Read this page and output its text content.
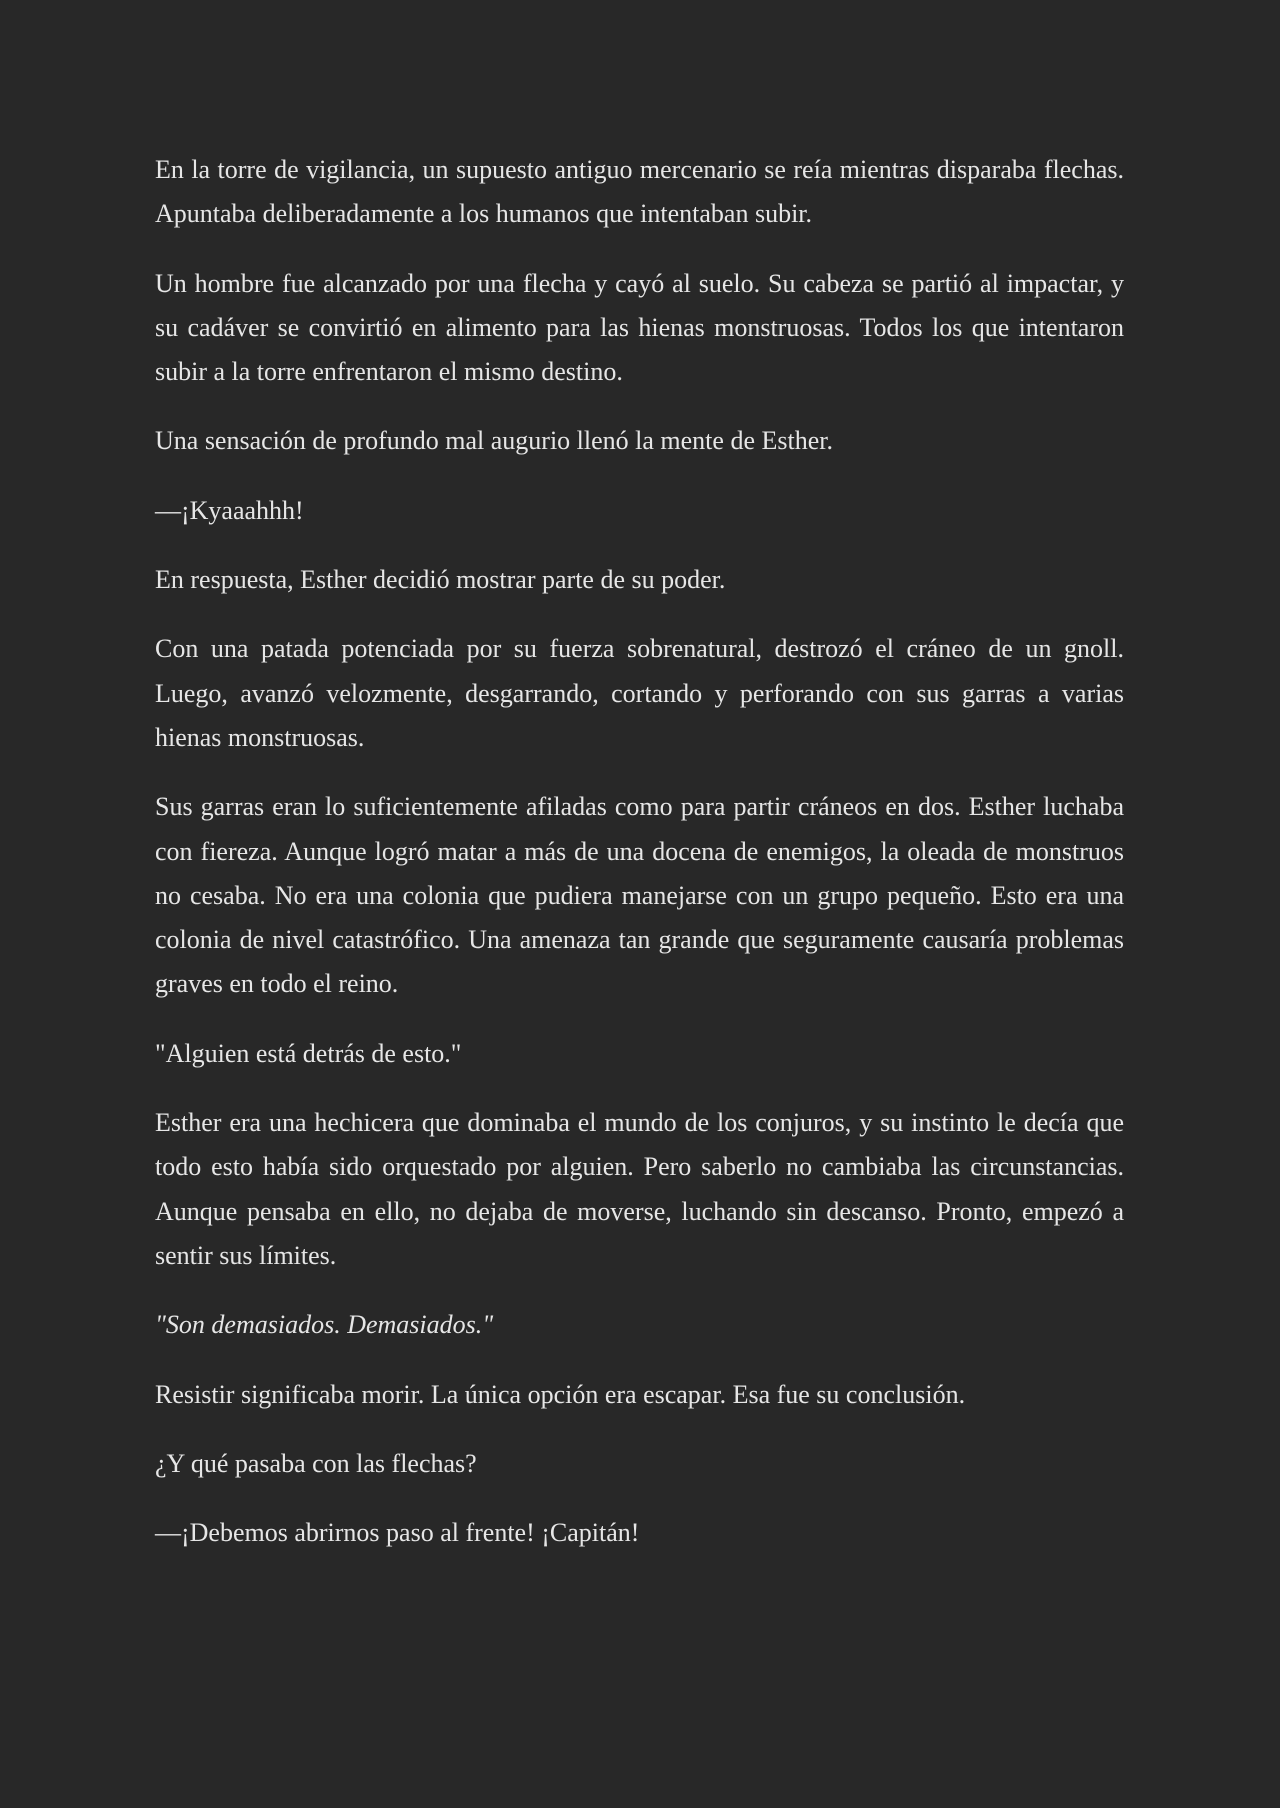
En la torre de vigilancia, un supuesto antiguo mercenario se reía mientras disparaba flechas. Apuntaba deliberadamente a los humanos que intentaban subir.

Un hombre fue alcanzado por una flecha y cayó al suelo. Su cabeza se partió al impactar, y su cadáver se convirtió en alimento para las hienas monstruosas. Todos los que intentaron subir a la torre enfrentaron el mismo destino.

Una sensación de profundo mal augurio llenó la mente de Esther.

—¡Kyaaahhh!

En respuesta, Esther decidió mostrar parte de su poder.

Con una patada potenciada por su fuerza sobrenatural, destrozó el cráneo de un gnoll. Luego, avanzó velozmente, desgarrando, cortando y perforando con sus garras a varias hienas monstruosas.

Sus garras eran lo suficientemente afiladas como para partir cráneos en dos. Esther luchaba con fiereza. Aunque logró matar a más de una docena de enemigos, la oleada de monstruos no cesaba. No era una colonia que pudiera manejarse con un grupo pequeño. Esto era una colonia de nivel catastrófico. Una amenaza tan grande que seguramente causaría problemas graves en todo el reino.

"Alguien está detrás de esto."

Esther era una hechicera que dominaba el mundo de los conjuros, y su instinto le decía que todo esto había sido orquestado por alguien. Pero saberlo no cambiaba las circunstancias. Aunque pensaba en ello, no dejaba de moverse, luchando sin descanso. Pronto, empezó a sentir sus límites.

"Son demasiados. Demasiados."

Resistir significaba morir. La única opción era escapar. Esa fue su conclusión.

¿Y qué pasaba con las flechas?

—¡Debemos abrirnos paso al frente! ¡Capitán!
